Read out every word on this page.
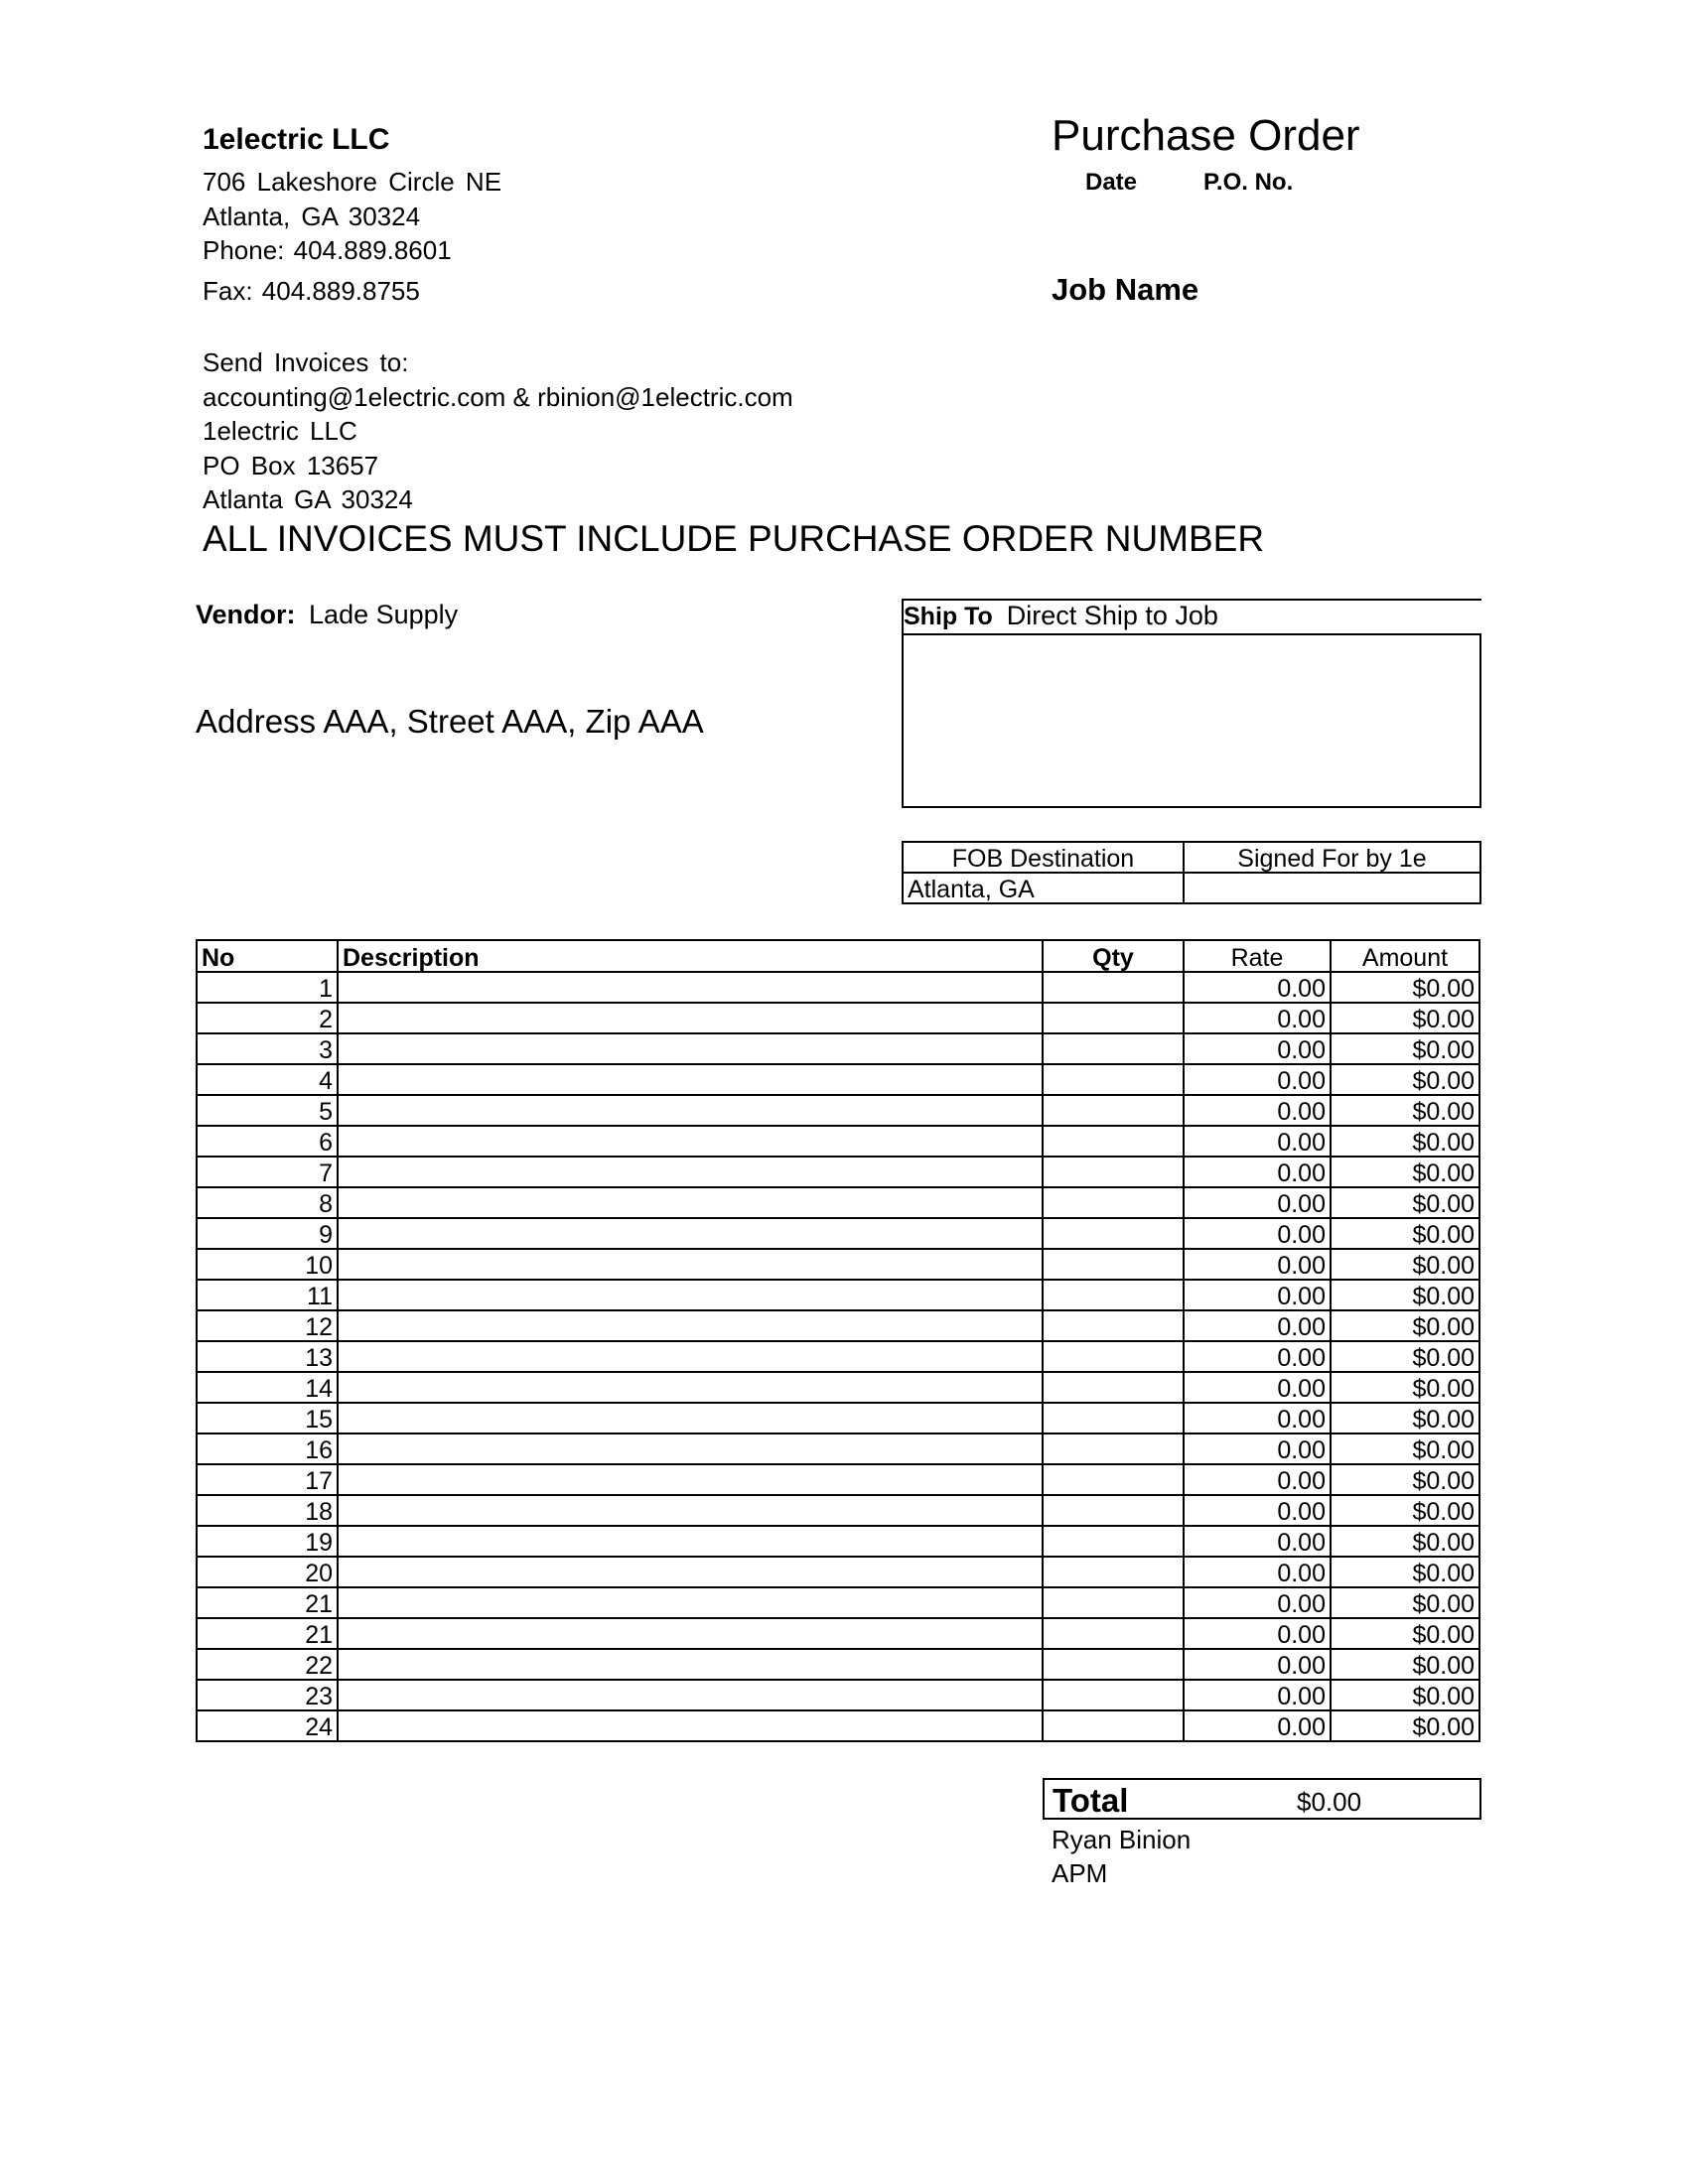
1electric LLC
706 Lakeshore Circle NE
Atlanta, GA 30324
Phone: 404.889.8601
Fax: 404.889.8755
Send Invoices to:
accounting@1electric.com & rbinion@1electric.com
1electric LLC
PO Box 13657
Atlanta GA 30324
Purchase Order
Date	P.O. No.
Job Name
ALL INVOICES MUST INCLUDE PURCHASE ORDER NUMBER
Vendor: Lade Supply
Address AAA, Street AAA, Zip AAA
Ship To Direct Ship to Job
FOB Destination	Signed For by 1e
Atlanta, GA	
No	Description	Qty	Rate	Amount
1			0.00	$0.00
2			0.00	$0.00
3			0.00	$0.00
4			0.00	$0.00
5			0.00	$0.00
6			0.00	$0.00
7			0.00	$0.00
8			0.00	$0.00
9			0.00	$0.00
10			0.00	$0.00
11			0.00	$0.00
12			0.00	$0.00
13			0.00	$0.00
14			0.00	$0.00
15			0.00	$0.00
16			0.00	$0.00
17			0.00	$0.00
18			0.00	$0.00
19			0.00	$0.00
20			0.00	$0.00
21			0.00	$0.00
21			0.00	$0.00
22			0.00	$0.00
23			0.00	$0.00
24			0.00	$0.00
Total	$0.00
Ryan Binion
APM
